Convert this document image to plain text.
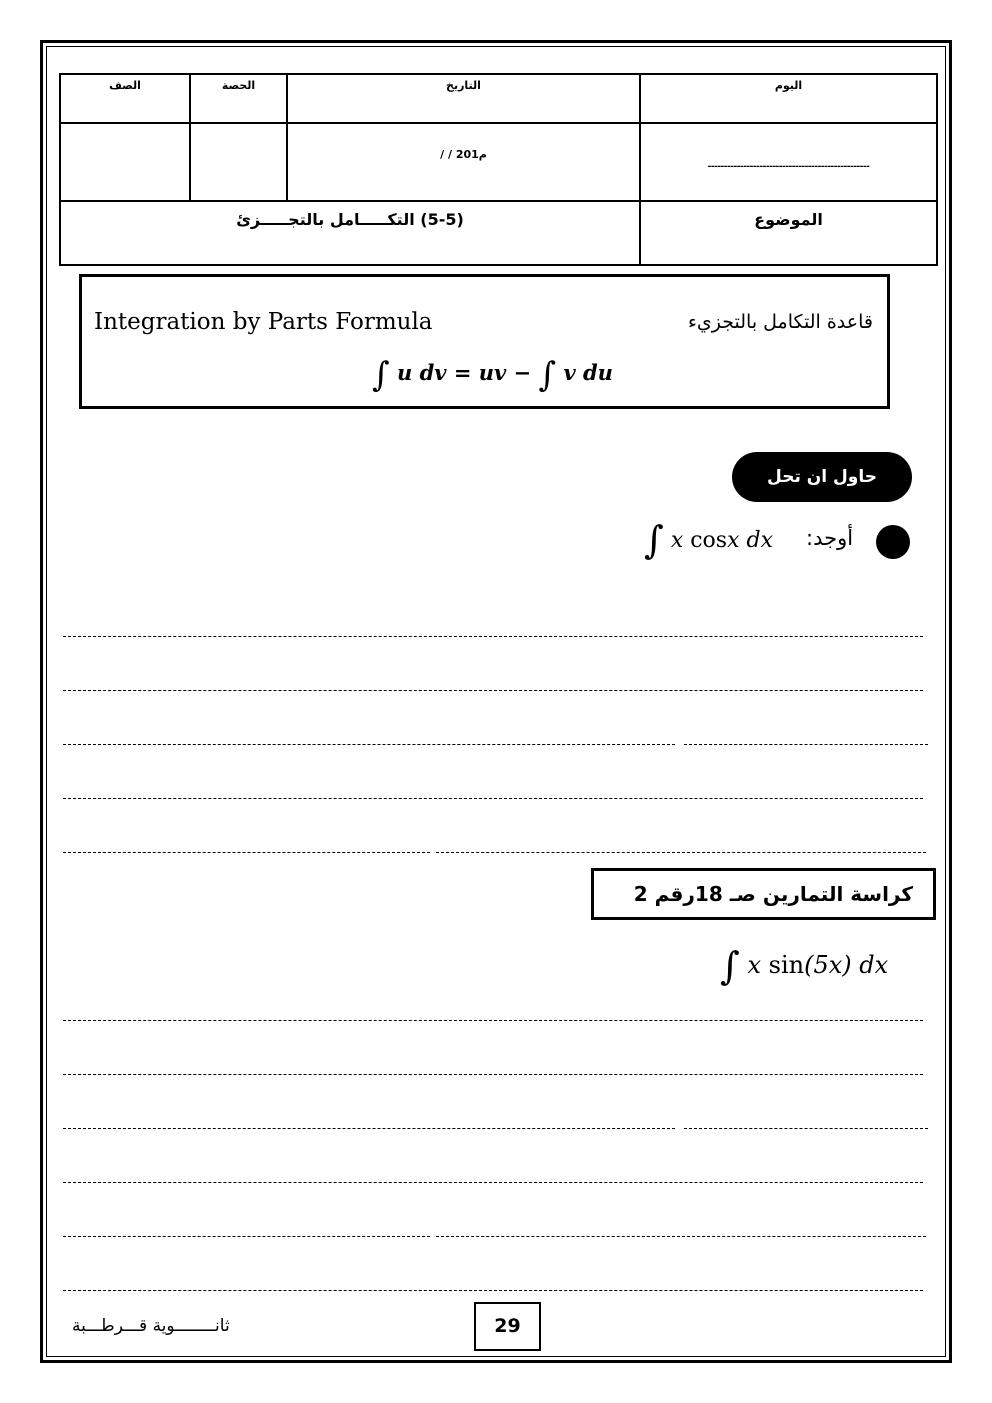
اليوم	التاريخ	الحصة	الصف

--------------------------------------------------	/ / 201م		

الموضوع	(5-5) التكـــــامل بالتجـــــزئ		
Integration by Parts Formula	قاعدة التكامل بالتجزيء
∫ u dv = uv − ∫ v du
حاول ان تحل
أوجد:
∫ x cosx dx
كراسة التمارين صـ 18رقم 2
∫ x sin(5x) dx
ثانــــــــوية قـــرطـــبة	29
